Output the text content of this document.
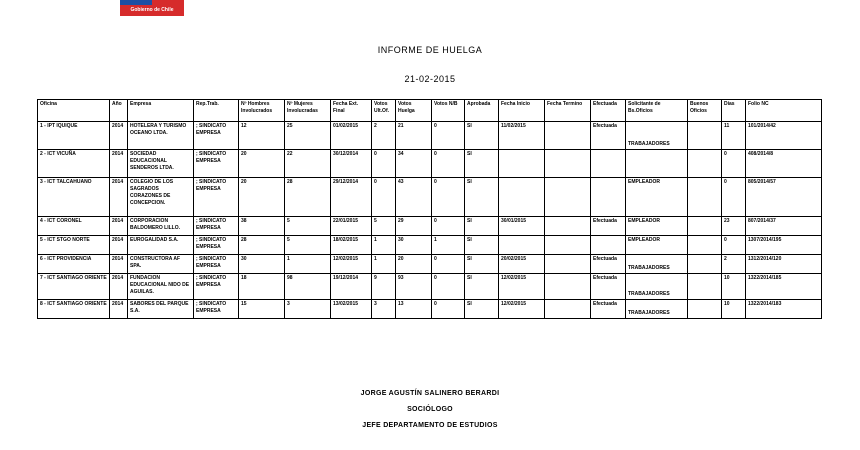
Gobierno de Chile
INFORME DE HUELGA
21-02-2015
Oficina	Año	Empresa	Rep.Trab.	Nº Hombres Involucrados	Nº Mujeres Involucradas	Fecha Ext. Final	Votos Ult.Of.	Votos Huelga	Votos N/B	Aprobada	Fecha Inicio	Fecha Termino	Efectuada	Solicitante de Bs.Oficios	Buenos Oficios	Días	Folio NC
1 - IPT IQUIQUE	2014	HOTELERA Y TURISMO OCEANO LTDA.	; SINDICATO EMPRESA	12	25	01/02/2015	2	21	0	SI	11/02/2015		Efectuada	TRABAJADORES		11	101/2014/42
2 - ICT VICUÑA	2014	SOCIEDAD EDUCACIONAL SENDEROS LTDA.	; SINDICATO EMPRESA	20	22	30/12/2014	0	34	0	SI						0	408/2014/8
3 - ICT TALCAHUANO	2014	COLEGIO DE LOS SAGRADOS CORAZONES DE CONCEPCION.	; SINDICATO EMPRESA	20	28	29/12/2014	0	43	0	SI				EMPLEADOR		0	805/2014/57
4 - ICT CORONEL	2014	CORPORACION BALDOMERO LILLO.	; SINDICATO EMPRESA	38	5	22/01/2015	5	29	0	SI	30/01/2015		Efectuada	EMPLEADOR		23	807/2014/37
5 - ICT STGO NORTE	2014	EUROGALIDAD S.A.	; SINDICATO EMPRESA	28	5	18/02/2015	1	30	1	SI				EMPLEADOR		0	1307/2014/195
6 - ICT PROVIDENCIA	2014	CONSTRUCTORA AF SPA.	; SINDICATO EMPRESA	30	1	12/02/2015	1	20	0	SI	20/02/2015		Efectuada	TRABAJADORES		2	1312/2014/120
7 - ICT SANTIAGO ORIENTE	2014	FUNDACION EDUCACIONAL NIDO DE AGUILAS.	; SINDICATO EMPRESA	18	98	19/12/2014	9	93	0	SI	12/02/2015		Efectuada	TRABAJADORES		10	1322/2014/185
8 - ICT SANTIAGO ORIENTE	2014	SABORES DEL PARQUE S.A.	; SINDICATO EMPRESA	15	3	13/02/2015	3	13	0	SI	12/02/2015		Efectuada	TRABAJADORES		10	1322/2014/183
JORGE AGUSTÍN SALINERO BERARDI
SOCIÓLOGO
JEFE DEPARTAMENTO DE ESTUDIOS
